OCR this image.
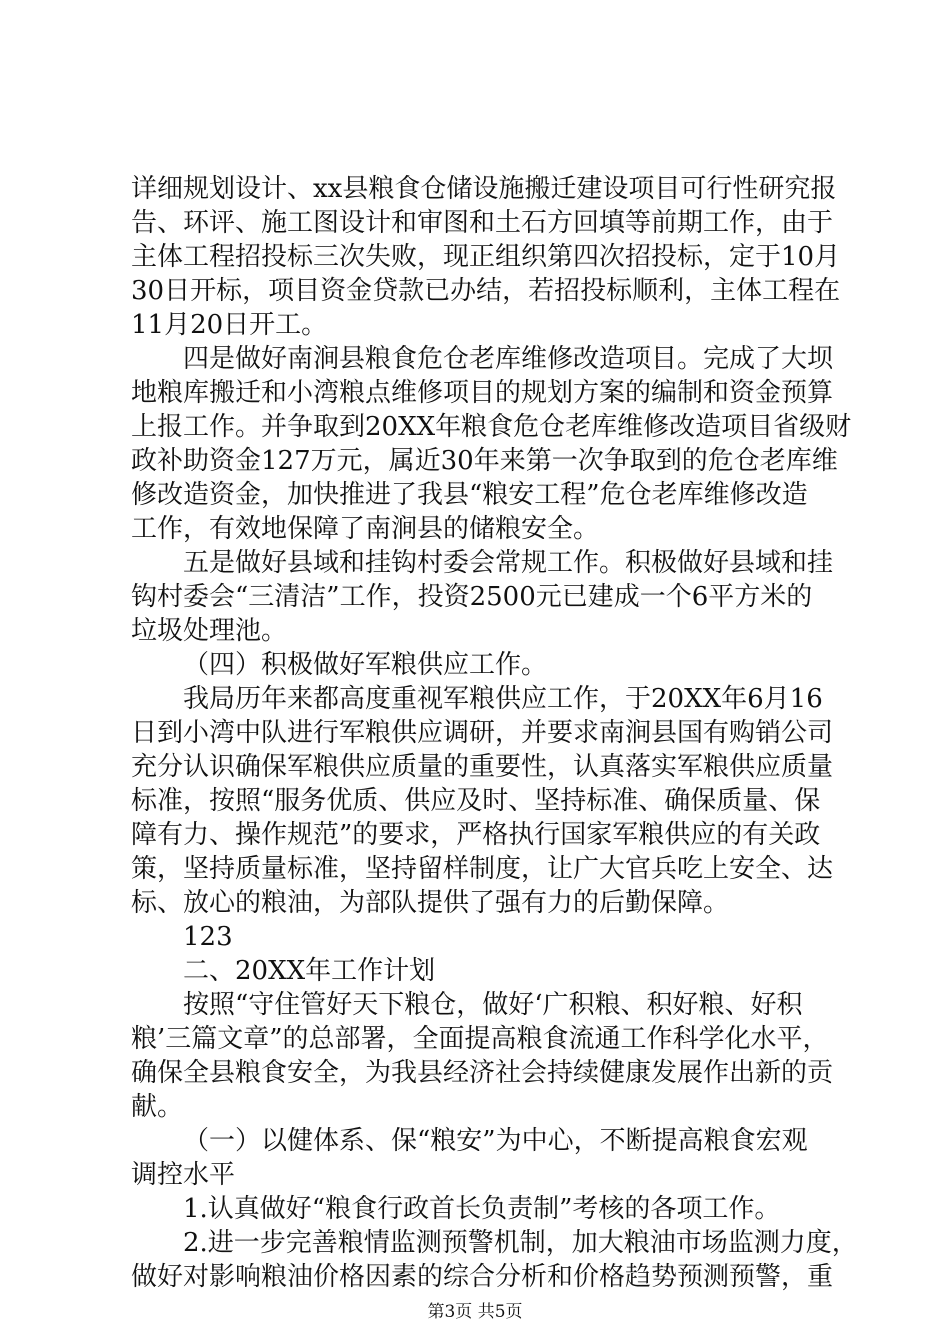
详细规划设计、xx县粮食仓储设施搬迁建设项目可行性研究报
告、环评、施工图设计和审图和土石方回填等前期工作，由于
主体工程招投标三次失败，现正组织第四次招投标，定于10月
30日开标，项目资金贷款已办结，若招投标顺利，主体工程在
11月20日开工。
四是做好南涧县粮食危仓老库维修改造项目。完成了大坝
地粮库搬迁和小湾粮点维修项目的规划方案的编制和资金预算
上报工作。并争取到20XX年粮食危仓老库维修改造项目省级财
政补助资金127万元，属近30年来第一次争取到的危仓老库维
修改造资金，加快推进了我县“粮安工程”危仓老库维修改造
工作，有效地保障了南涧县的储粮安全。
五是做好县域和挂钩村委会常规工作。积极做好县域和挂
钩村委会“三清洁”工作，投资2500元已建成一个6平方米的
垃圾处理池。
（四）积极做好军粮供应工作。
我局历年来都高度重视军粮供应工作，于20XX年6月16
日到小湾中队进行军粮供应调研，并要求南涧县国有购销公司
充分认识确保军粮供应质量的重要性，认真落实军粮供应质量
标准，按照“服务优质、供应及时、坚持标准、确保质量、保
障有力、操作规范”的要求，严格执行国家军粮供应的有关政
策，坚持质量标准，坚持留样制度，让广大官兵吃上安全、达
标、放心的粮油，为部队提供了强有力的后勤保障。
123
二、20XX年工作计划
按照“守住管好天下粮仓，做好‘广积粮、积好粮、好积
粮’三篇文章”的总部署，全面提高粮食流通工作科学化水平，
确保全县粮食安全，为我县经济社会持续健康发展作出新的贡
献。
（一）以健体系、保“粮安”为中心，不断提高粮食宏观
调控水平
1.认真做好“粮食行政首长负责制”考核的各项工作。
2.进一步完善粮情监测预警机制，加大粮油市场监测力度，
做好对影响粮油价格因素的综合分析和价格趋势预测预警，重
第3页 共5页
